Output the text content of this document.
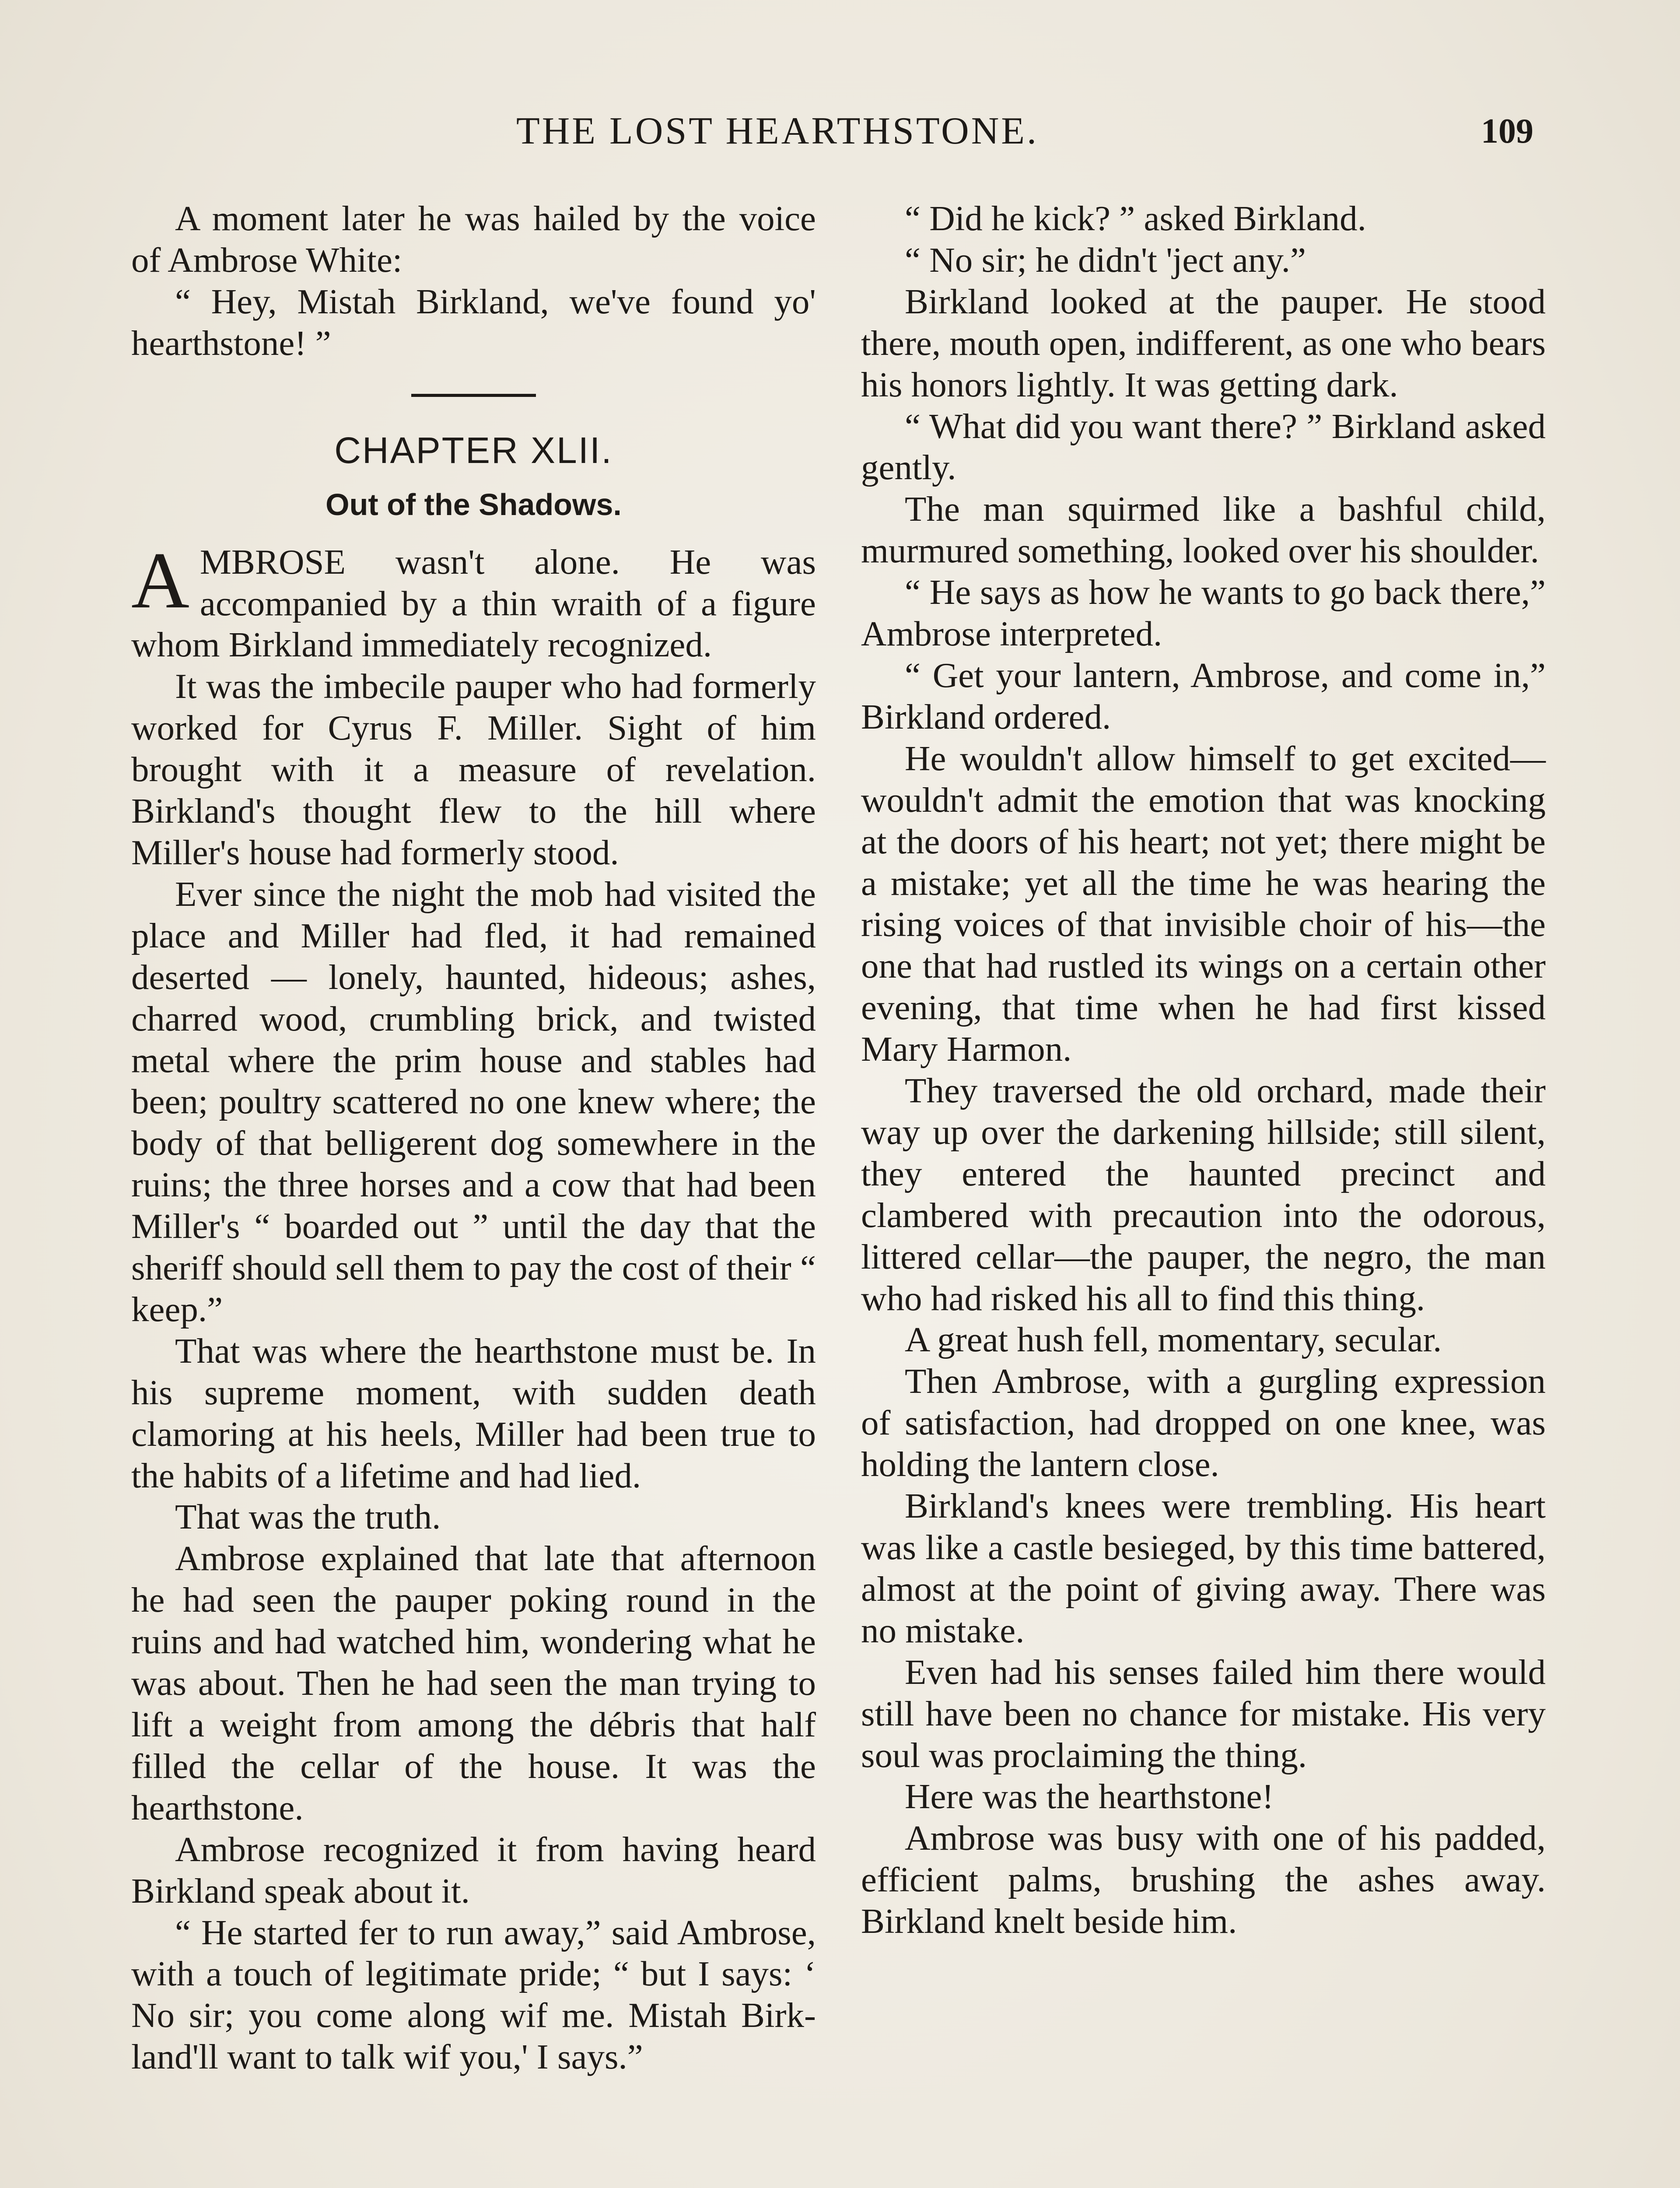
THE LOST HEARTHSTONE.	109

A moment later he was hailed by the voice of Ambrose White:

“ Hey, Mistah Birkland, we've found yo' hearthstone! ”

CHAPTER XLII.
Out of the Shadows.

AMBROSE wasn't alone. He was accompanied by a thin wraith of a figure whom Birkland immediately recognized.

It was the imbecile pauper who had formerly worked for Cyrus F. Miller. Sight of him brought with it a measure of revelation. Birkland's thought flew to the hill where Miller's house had formerly stood.

Ever since the night the mob had visited the place and Miller had fled, it had remained deserted — lonely, haunted, hideous; ashes, charred wood, crumbling brick, and twisted metal where the prim house and stables had been; poultry scattered no one knew where; the body of that belligerent dog somewhere in the ruins; the three horses and a cow that had been Miller's “ boarded out ” until the day that the sheriff should sell them to pay the cost of their “ keep.”

That was where the hearthstone must be. In his supreme moment, with sudden death clamoring at his heels, Miller had been true to the habits of a lifetime and had lied.

That was the truth.

Ambrose explained that late that afternoon he had seen the pauper poking round in the ruins and had watched him, wondering what he was about. Then he had seen the man trying to lift a weight from among the débris that half filled the cellar of the house. It was the hearthstone.

Ambrose recognized it from having heard Birkland speak about it.

“ He started fer to run away,” said Ambrose, with a touch of legitimate pride; “ but I says: ‘ No sir; you come along wif me. Mistah Birkland'll want to talk wif you,' I says.”

“ Did he kick? ” asked Birkland.

“ No sir; he didn't 'ject any.”

Birkland looked at the pauper. He stood there, mouth open, indifferent, as one who bears his honors lightly. It was getting dark.

“ What did you want there? ” Birkland asked gently.

The man squirmed like a bashful child, murmured something, looked over his shoulder.

“ He says as how he wants to go back there,” Ambrose interpreted.

“ Get your lantern, Ambrose, and come in,” Birkland ordered.

He wouldn't allow himself to get excited—wouldn't admit the emotion that was knocking at the doors of his heart; not yet; there might be a mistake; yet all the time he was hearing the rising voices of that invisible choir of his—the one that had rustled its wings on a certain other evening, that time when he had first kissed Mary Harmon.

They traversed the old orchard, made their way up over the darkening hillside; still silent, they entered the haunted precinct and clambered with precaution into the odorous, littered cellar—the pauper, the negro, the man who had risked his all to find this thing.

A great hush fell, momentary, secular.

Then Ambrose, with a gurgling expression of satisfaction, had dropped on one knee, was holding the lantern close.

Birkland's knees were trembling. His heart was like a castle besieged, by this time battered, almost at the point of giving away. There was no mistake.

Even had his senses failed him there would still have been no chance for mistake. His very soul was proclaiming the thing.

Here was the hearthstone!

Ambrose was busy with one of his padded, efficient palms, brushing the ashes away. Birkland knelt beside him.
